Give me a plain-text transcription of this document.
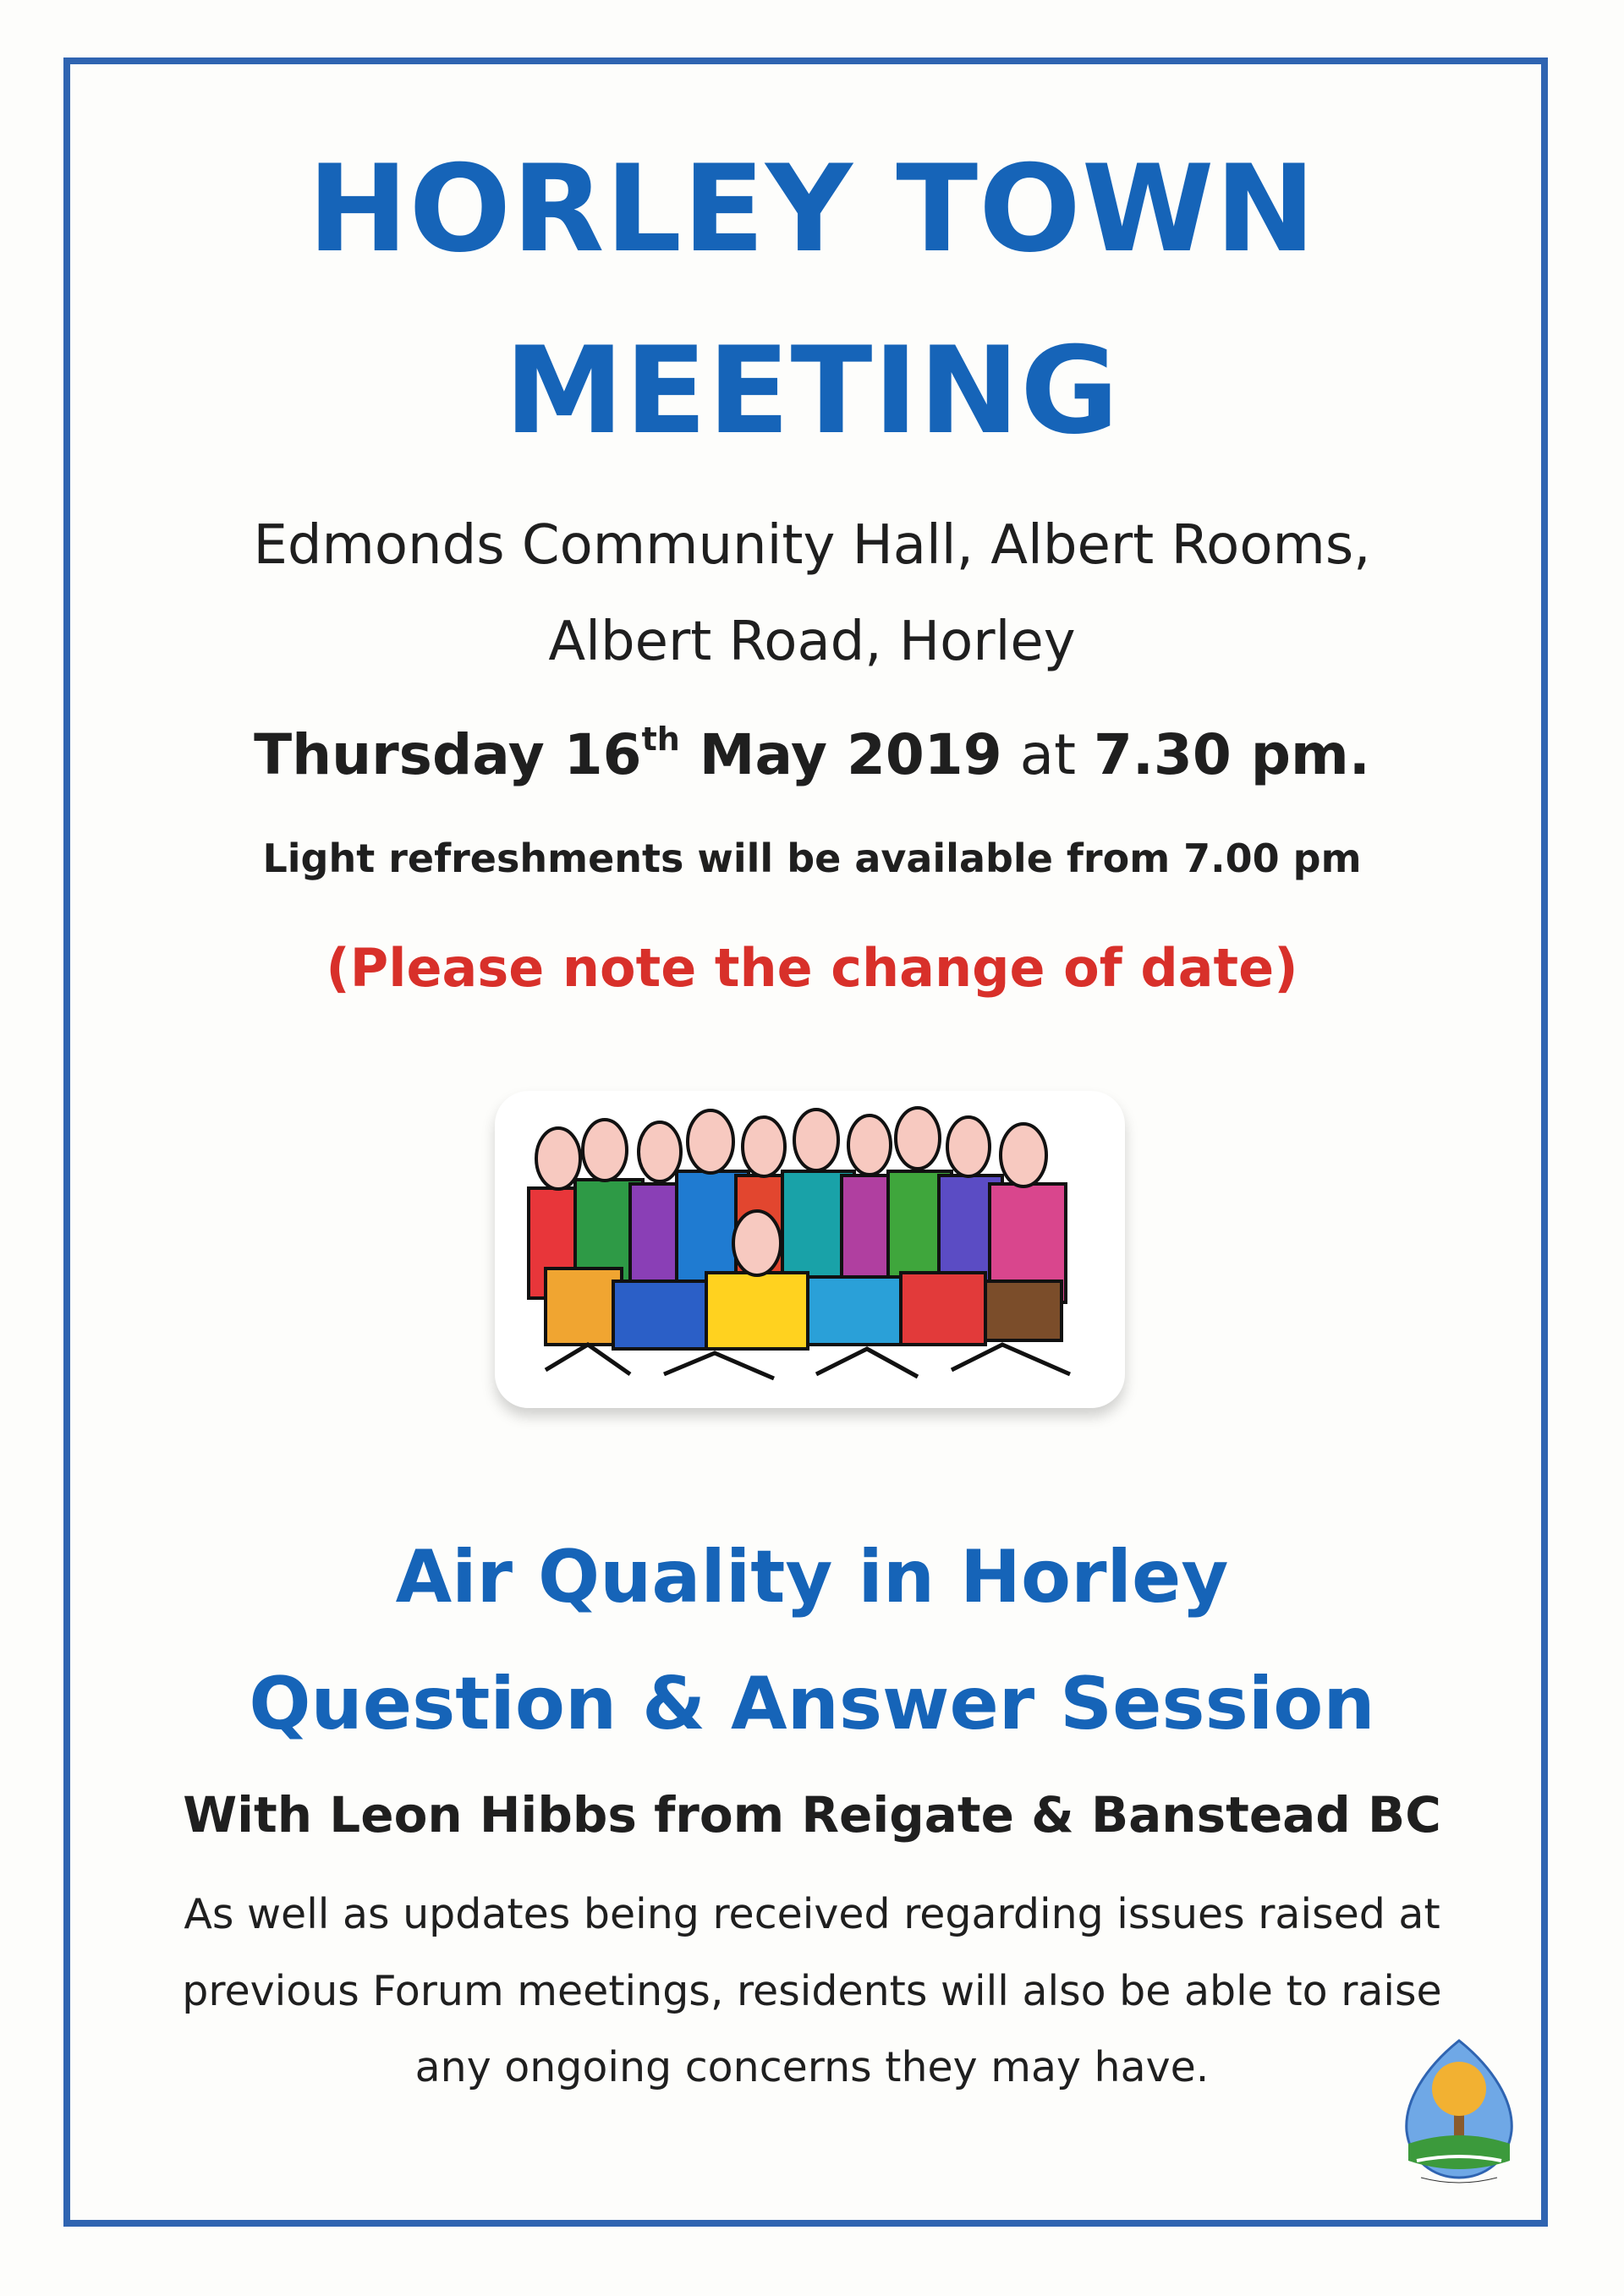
HORLEY TOWN
MEETING
Edmonds Community Hall, Albert Rooms,
Albert Road, Horley
Thursday 16th May 2019 at 7.30 pm.
Light refreshments will be available from 7.00 pm
(Please note the change of date)
Air Quality in Horley
Question & Answer Session
With Leon Hibbs from Reigate & Banstead BC
As well as updates being received regarding issues raised at
previous Forum meetings, residents will also be able to raise
any ongoing concerns they may have.
